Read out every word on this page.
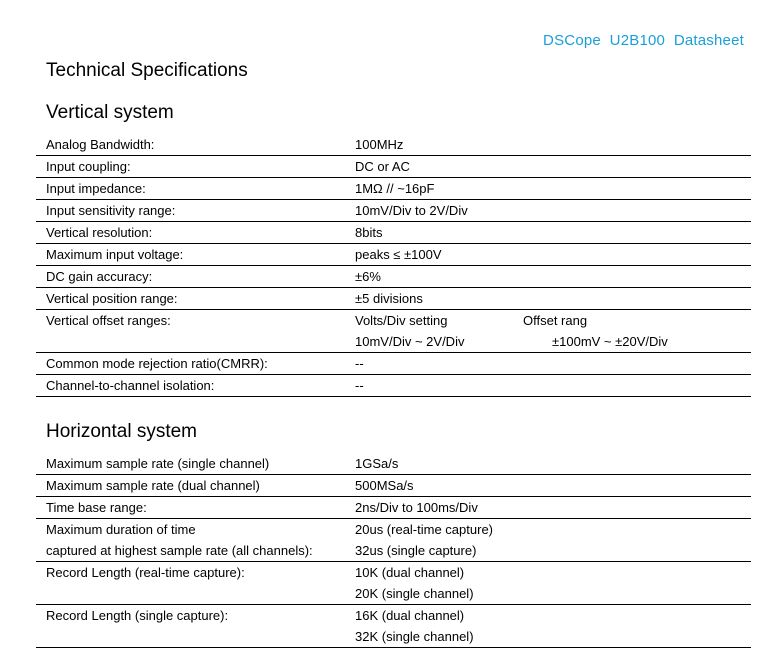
DSCope  U2B100  Datasheet
Technical Specifications
Vertical system
Analog Bandwidth:	100MHz
Input coupling:	DC or AC
Input impedance:	1MΩ // ~16pF
Input sensitivity range:	10mV/Div to 2V/Div
Vertical resolution:	8bits
Maximum input voltage:	peaks ≤ ±100V
DC gain accuracy:	±6%
Vertical position range:	±5 divisions
Vertical offset ranges:	Volts/Div setting	Offset rang
10mV/Div ~ 2V/Div	±100mV ~ ±20V/Div
Common mode rejection ratio(CMRR):	--
Channel-to-channel isolation:	--
Horizontal system
Maximum sample rate (single channel)	1GSa/s
Maximum sample rate (dual channel)	500MSa/s
Time base range:	2ns/Div to 100ms/Div
Maximum duration of time	20us (real-time capture)
captured at highest sample rate (all channels):	32us (single capture)
Record Length (real-time capture):	10K (dual channel)
20K (single channel)
Record Length (single capture):	16K (dual channel)
32K (single channel)
